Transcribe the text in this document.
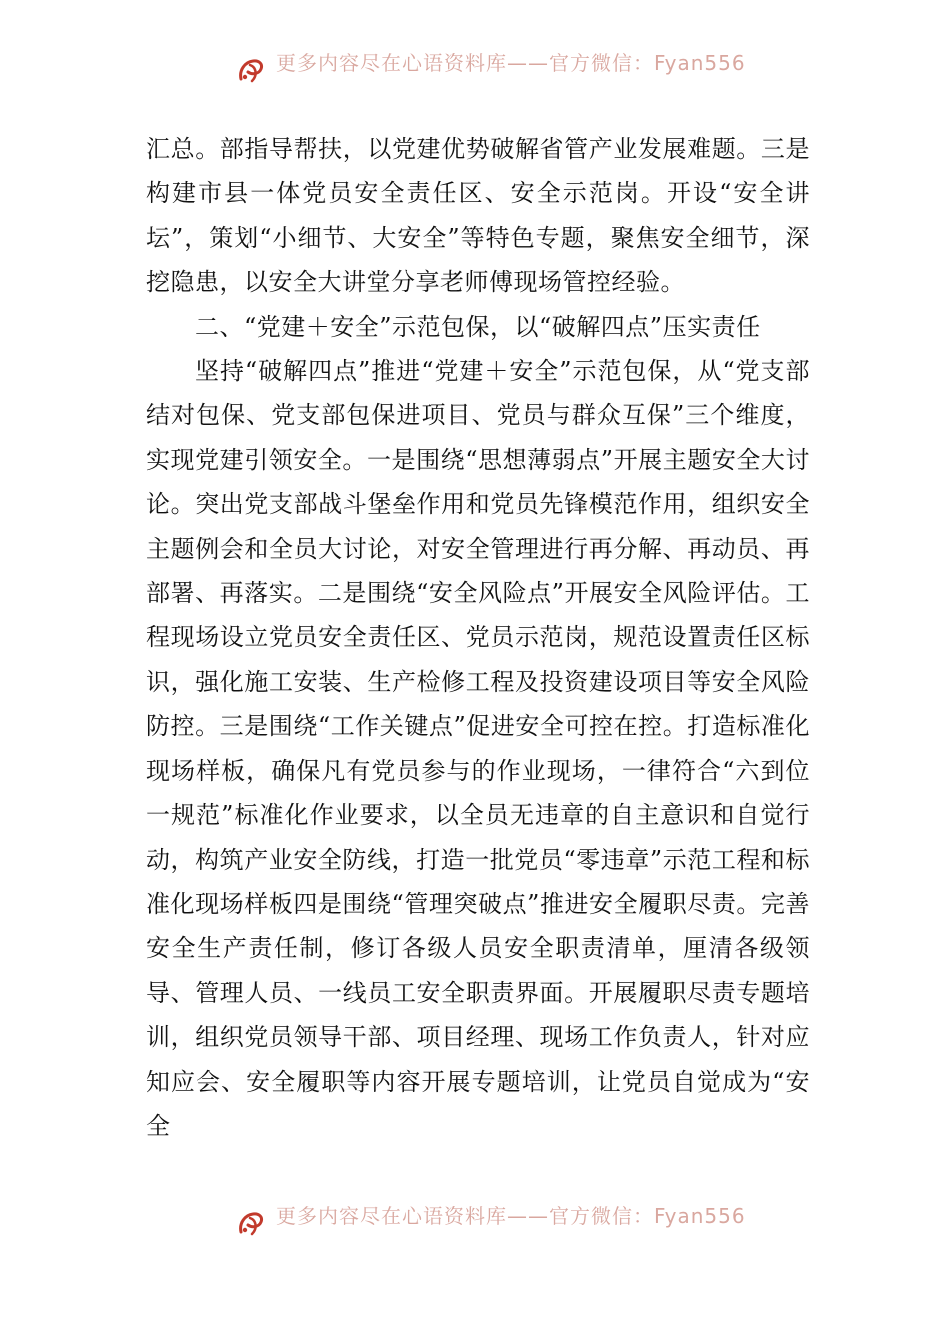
更多内容尽在心语资料库——官方微信：Fyan556

汇总。部指导帮扶，以党建优势破解省管产业发展难题。三是构建市县一体党员安全责任区、安全示范岗。开设“安全讲坛”，策划“小细节、大安全”等特色专题，聚焦安全细节，深挖隐患，以安全大讲堂分享老师傅现场管控经验。

二、“党建＋安全”示范包保，以“破解四点”压实责任

坚持“破解四点”推进“党建＋安全”示范包保，从“党支部结对包保、党支部包保进项目、党员与群众互保”三个维度，实现党建引领安全。一是围绕“思想薄弱点”开展主题安全大讨论。突出党支部战斗堡垒作用和党员先锋模范作用，组织安全主题例会和全员大讨论，对安全管理进行再分解、再动员、再部署、再落实。二是围绕“安全风险点”开展安全风险评估。工程现场设立党员安全责任区、党员示范岗，规范设置责任区标识，强化施工安装、生产检修工程及投资建设项目等安全风险防控。三是围绕“工作关键点”促进安全可控在控。打造标准化现场样板，确保凡有党员参与的作业现场，一律符合“六到位一规范”标准化作业要求，以全员无违章的自主意识和自觉行动，构筑产业安全防线，打造一批党员“零违章”示范工程和标准化现场样板四是围绕“管理突破点”推进安全履职尽责。完善安全生产责任制，修订各级人员安全职责清单，厘清各级领导、管理人员、一线员工安全职责界面。开展履职尽责专题培训，组织党员领导干部、项目经理、现场工作负责人，针对应知应会、安全履职等内容开展专题培训，让党员自觉成为“安全

更多内容尽在心语资料库——官方微信：Fyan556
